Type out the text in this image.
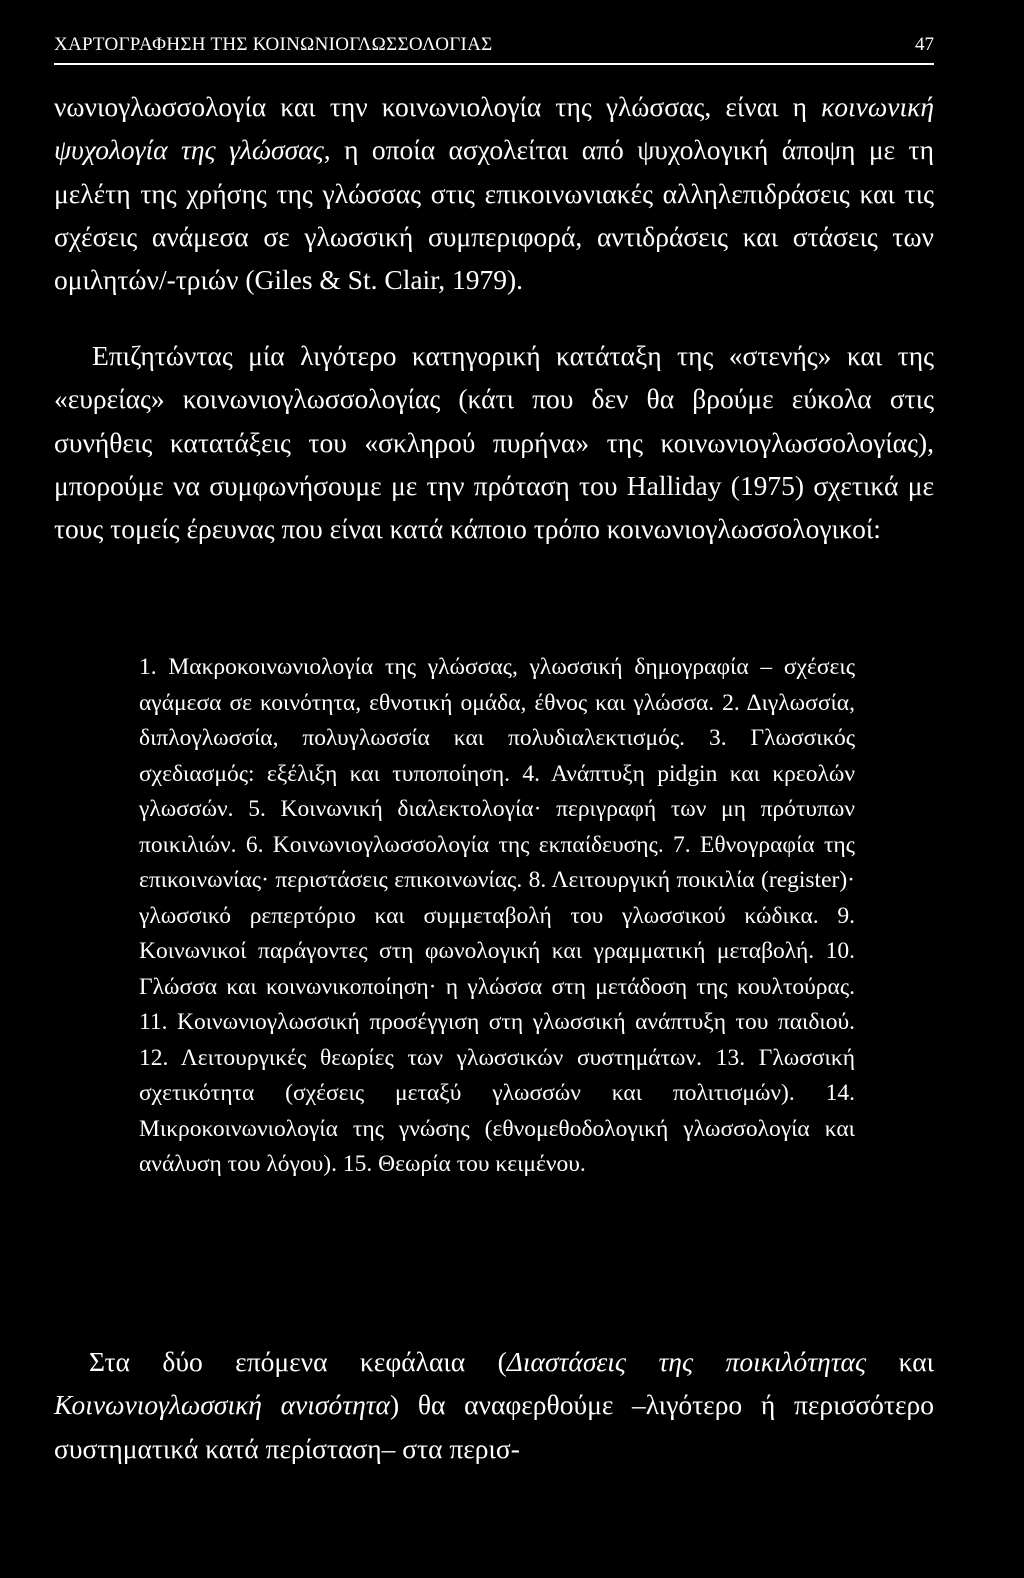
ΧΑΡΤΟΓΡΑΦΗΣΗ ΤΗΣ ΚΟΙΝΩΝΙΟΓΛΩΣΣΟΛΟΓΙΑΣ	47

νωνιογλωσσολογία και την κοινωνιολογία της γλώσσας, είναι η κοινωνική ψυχολογία της γλώσσας, η οποία ασχολείται από ψυχολογική άποψη με τη μελέτη της χρήσης της γλώσσας στις επικοινωνιακές αλληλεπιδράσεις και τις σχέσεις ανάμεσα σε γλωσσική συμπεριφορά, αντιδράσεις και στάσεις των ομιλητών/-τριών (Giles & St. Clair, 1979).

Επιζητώντας μία λιγότερο κατηγορική κατάταξη της «στενής» και της «ευρείας» κοινωνιογλωσσολογίας (κάτι που δεν θα βρούμε εύκολα στις συνήθεις κατατάξεις του «σκληρού πυρήνα» της κοινωνιογλωσσολογίας), μπορούμε να συμφωνήσουμε με την πρόταση του Halliday (1975) σχετικά με τους τομείς έρευνας που είναι κατά κάποιο τρόπο κοινωνιογλωσσολογικοί:

1. Μακροκοινωνιολογία της γλώσσας, γλωσσική δημογραφία – σχέσεις αγάμεσα σε κοινότητα, εθνοτική ομάδα, έθνος και γλώσσα. 2. Διγλωσσία, διπλογλωσσία, πολυγλωσσία και πολυδιαλεκτισμός. 3. Γλωσσικός σχεδιασμός: εξέλιξη και τυποποίηση. 4. Ανάπτυξη pidgin και κρεολών γλωσσών. 5. Κοινωνική διαλεκτολογία· περιγραφή των μη πρότυπων ποικιλιών. 6. Κοινωνιογλωσσολογία της εκπαίδευσης. 7. Εθνογραφία της επικοινωνίας· περιστάσεις επικοινωνίας. 8. Λειτουργική ποικιλία (register)· γλωσσικό ρεπερτόριο και συμμεταβολή του γλωσσικού κώδικα. 9. Κοινωνικοί παράγοντες στη φωνολογική και γραμματική μεταβολή. 10. Γλώσσα και κοινωνικοποίηση· η γλώσσα στη μετάδοση της κουλτούρας. 11. Κοινωνιογλωσσική προσέγγιση στη γλωσσική ανάπτυξη του παιδιού. 12. Λειτουργικές θεωρίες των γλωσσικών συστημάτων. 13. Γλωσσική σχετικότητα (σχέσεις μεταξύ γλωσσών και πολιτισμών). 14. Μικροκοινωνιολογία της γνώσης (εθνομεθοδολογική γλωσσολογία και ανάλυση του λόγου). 15. Θεωρία του κειμένου.

Στα δύο επόμενα κεφάλαια (Διαστάσεις της ποικιλότητας και Κοινωνιογλωσσική ανισότητα) θα αναφερθούμε –λιγότερο ή περισσότερο συστηματικά κατά περίσταση– στα περισ-
